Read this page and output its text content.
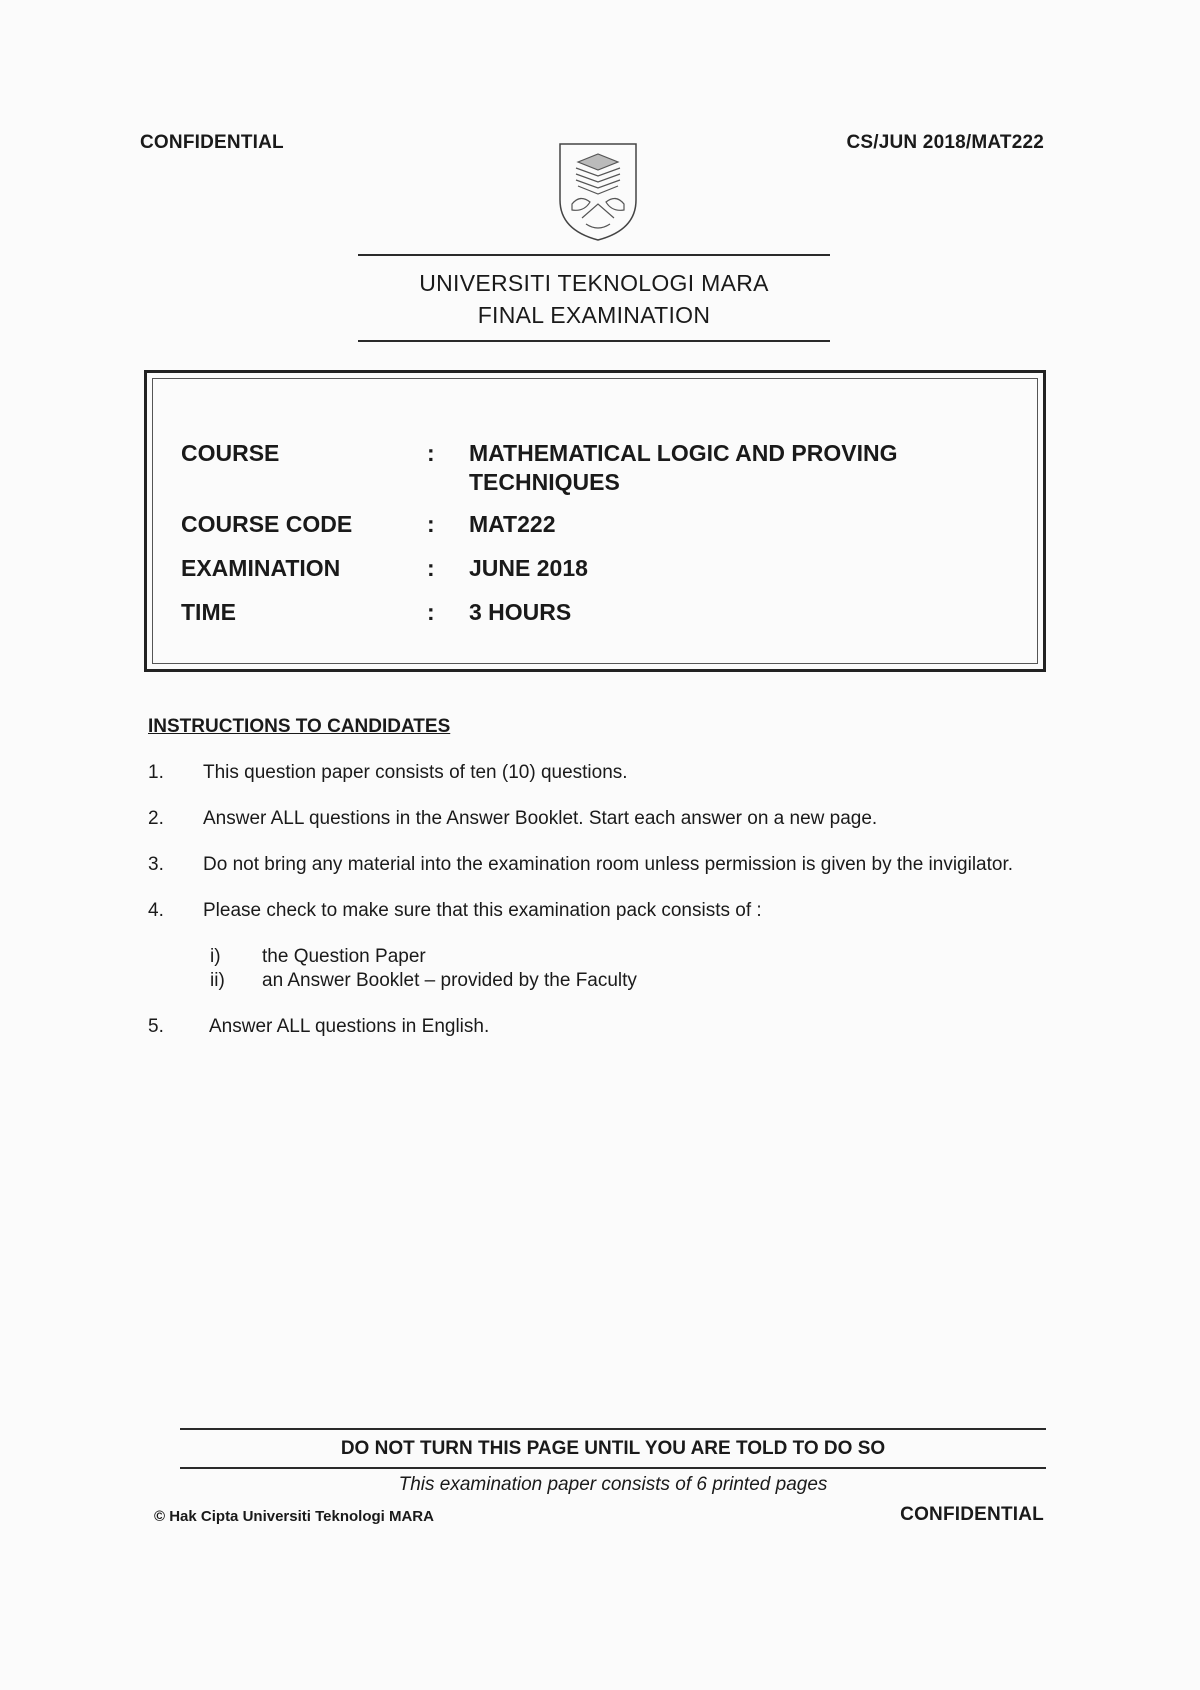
CONFIDENTIAL	CS/JUN 2018/MAT222
UNIVERSITI TEKNOLOGI MARA
FINAL EXAMINATION
COURSE	: MATHEMATICAL LOGIC AND PROVING TECHNIQUES
COURSE CODE	: MAT222
EXAMINATION	: JUNE 2018
TIME	: 3 HOURS
INSTRUCTIONS TO CANDIDATES
1. This question paper consists of ten (10) questions.
2. Answer ALL questions in the Answer Booklet. Start each answer on a new page.
3. Do not bring any material into the examination room unless permission is given by the invigilator.
4. Please check to make sure that this examination pack consists of :
i) the Question Paper
ii) an Answer Booklet – provided by the Faculty
5. Answer ALL questions in English.
DO NOT TURN THIS PAGE UNTIL YOU ARE TOLD TO DO SO
This examination paper consists of 6 printed pages
© Hak Cipta Universiti Teknologi MARA	CONFIDENTIAL
